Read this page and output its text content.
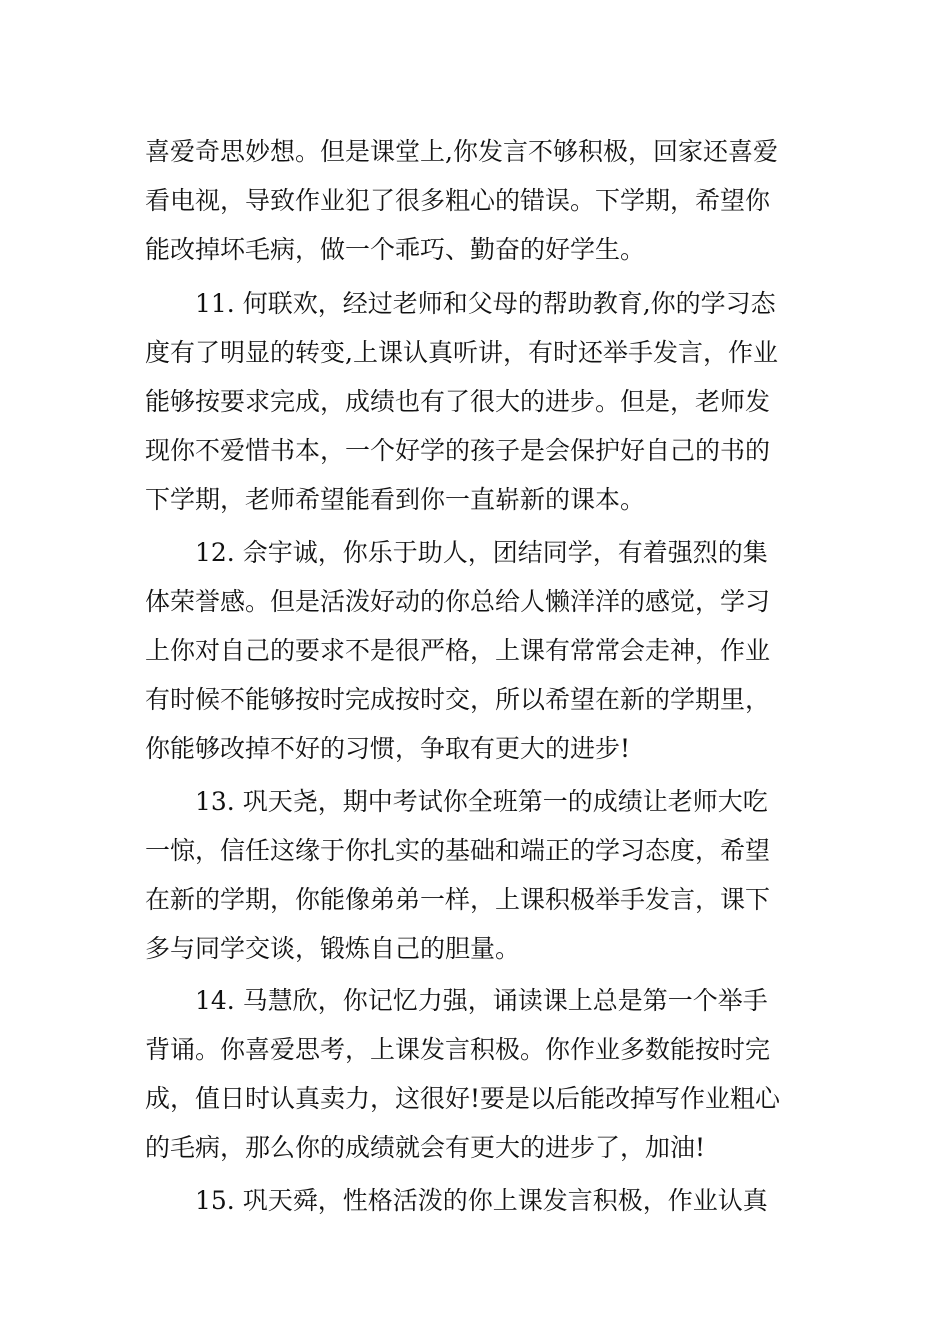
喜爱奇思妙想。但是课堂上,你发言不够积极，回家还喜爱
看电视，导致作业犯了很多粗心的错误。下学期，希望你
能改掉坏毛病，做一个乖巧、勤奋的好学生。
　　11. 何联欢，经过老师和父母的帮助教育,你的学习态
度有了明显的转变,上课认真听讲，有时还举手发言，作业
能够按要求完成，成绩也有了很大的进步。但是，老师发
现你不爱惜书本，一个好学的孩子是会保护好自己的书的
下学期，老师希望能看到你一直崭新的课本。
　　12. 佘宇诚，你乐于助人，团结同学，有着强烈的集
体荣誉感。但是活泼好动的你总给人懒洋洋的感觉，学习
上你对自己的要求不是很严格，上课有常常会走神，作业
有时候不能够按时完成按时交，所以希望在新的学期里，
你能够改掉不好的习惯，争取有更大的进步!
　　13. 巩天尧，期中考试你全班第一的成绩让老师大吃
一惊，信任这缘于你扎实的基础和端正的学习态度，希望
在新的学期，你能像弟弟一样，上课积极举手发言，课下
多与同学交谈，锻炼自己的胆量。
　　14. 马慧欣，你记忆力强，诵读课上总是第一个举手
背诵。你喜爱思考，上课发言积极。你作业多数能按时完
成，值日时认真卖力，这很好!要是以后能改掉写作业粗心
的毛病，那么你的成绩就会有更大的进步了，加油!
　　15. 巩天舜，性格活泼的你上课发言积极，作业认真
